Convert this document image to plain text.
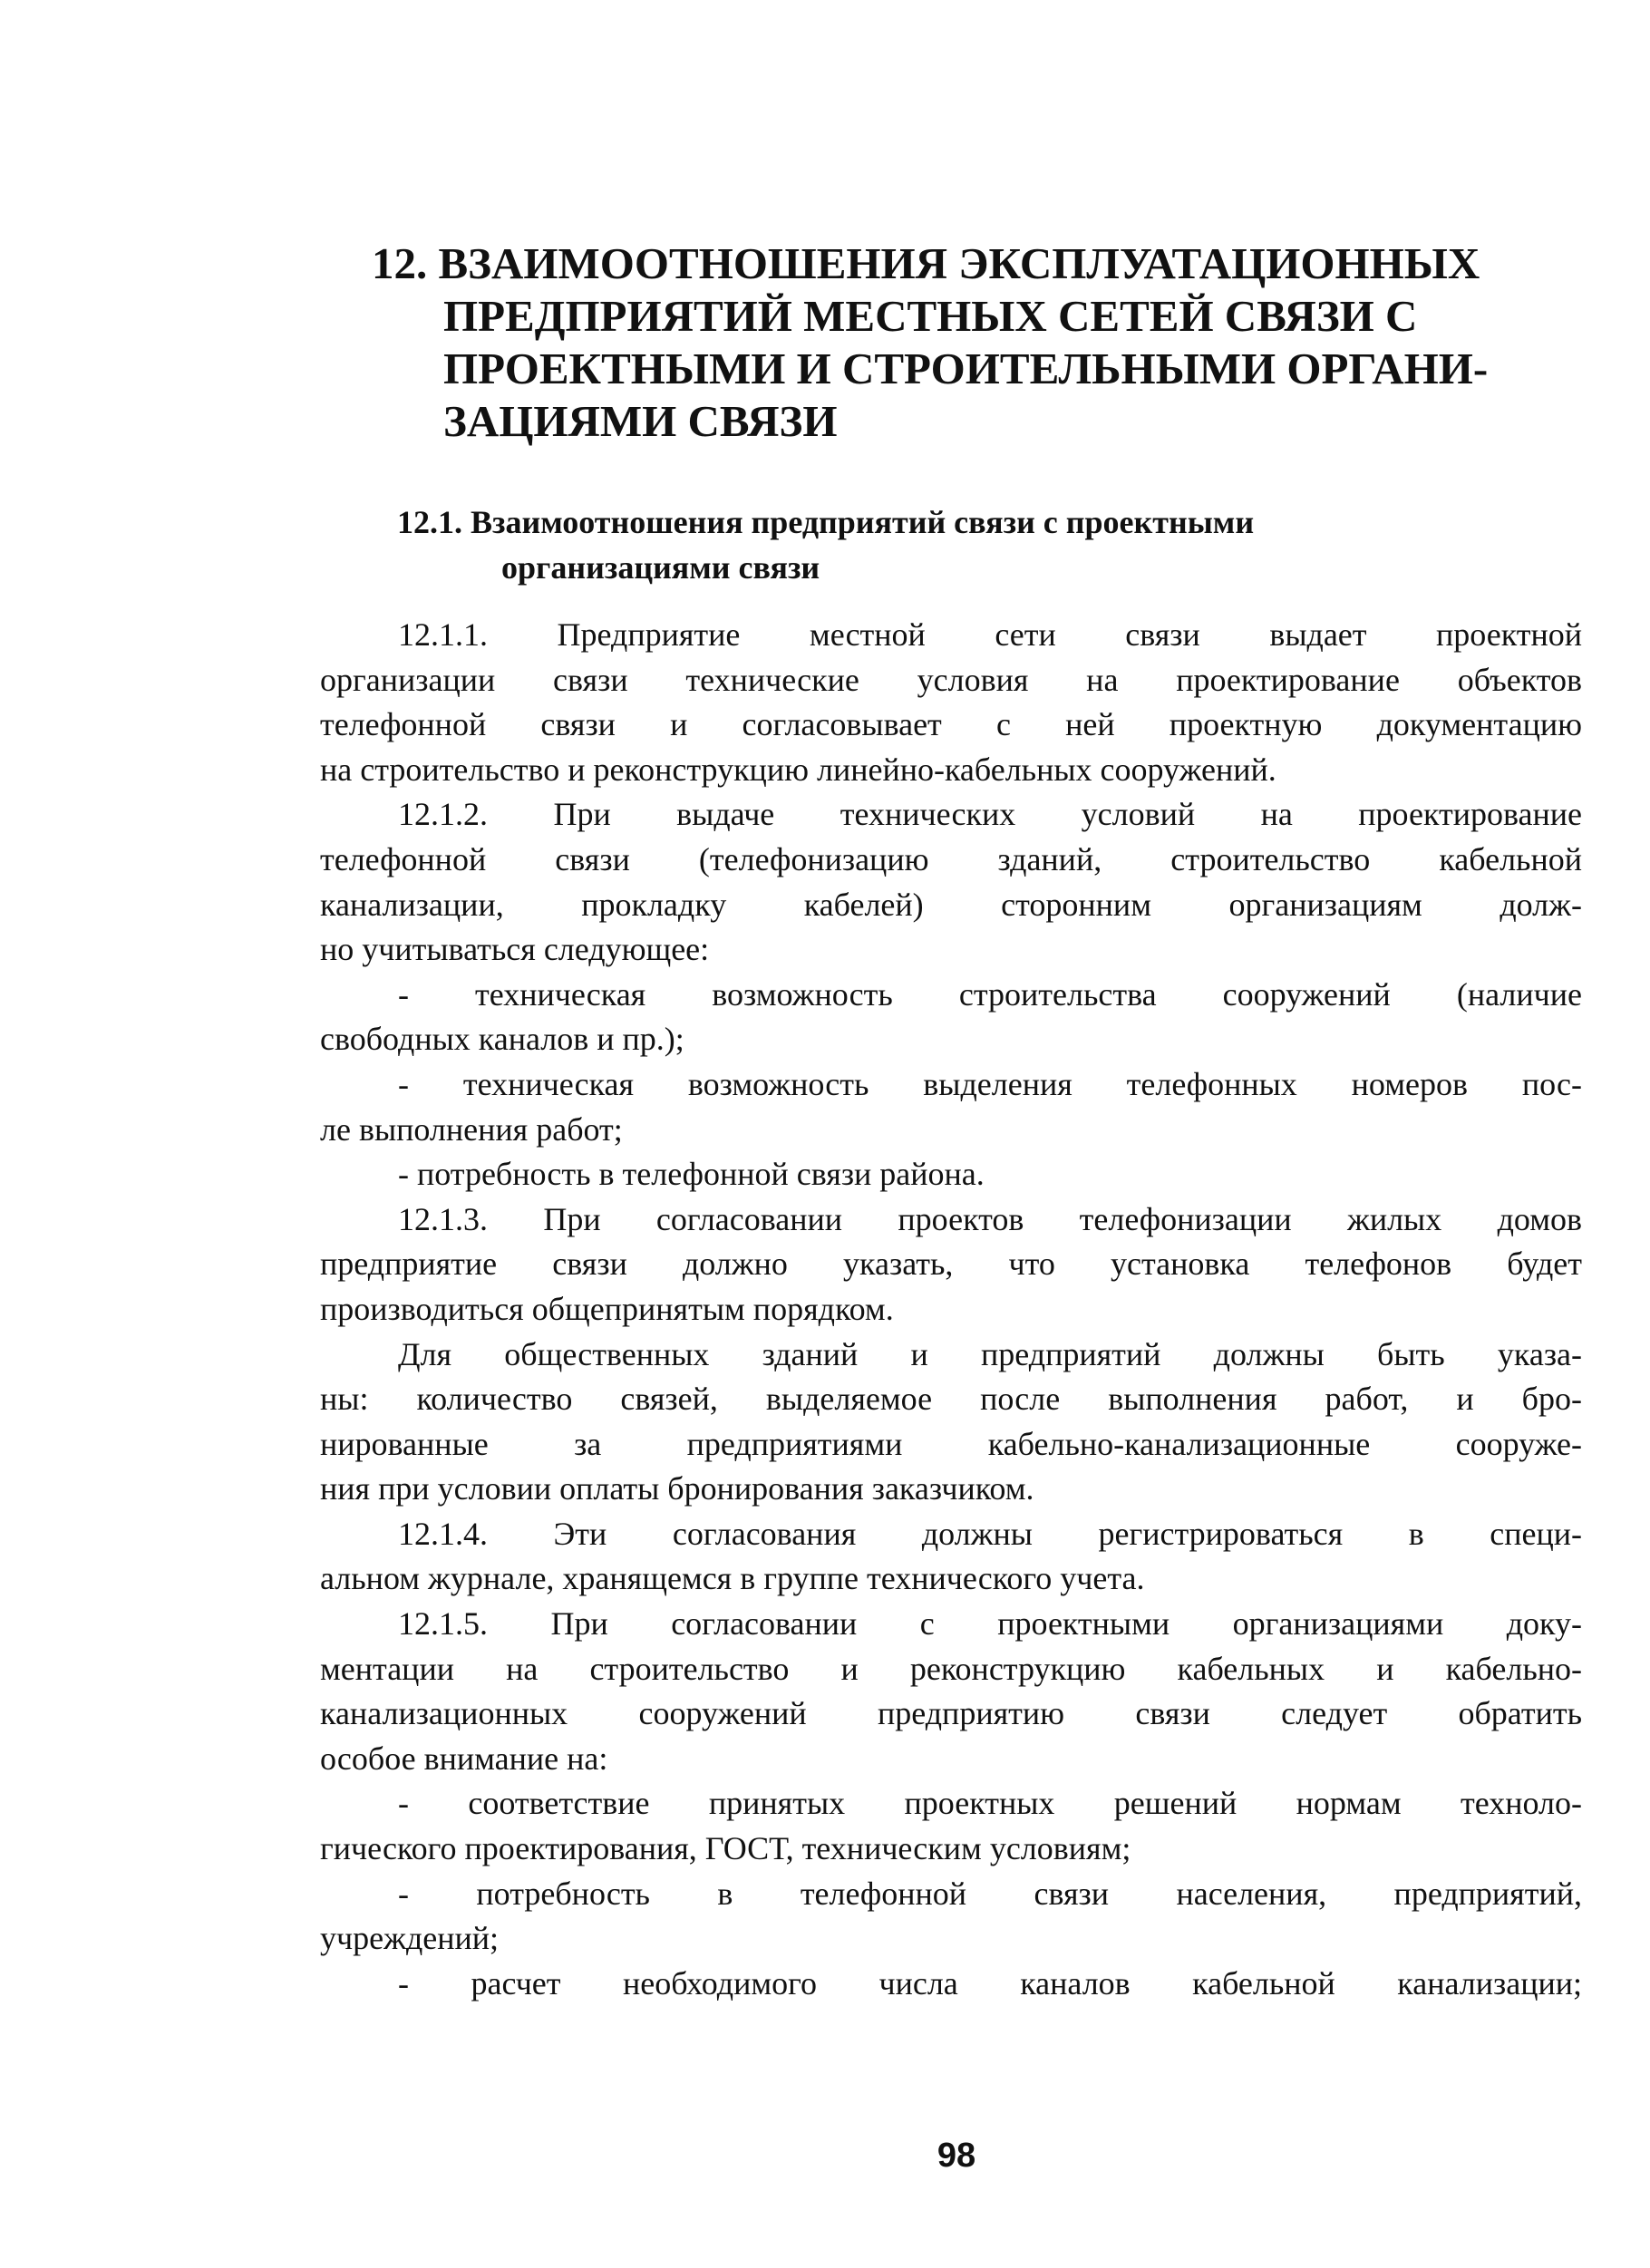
12. ВЗАИМООТНОШЕНИЯ ЭКСПЛУАТАЦИОННЫХ
ПРЕДПРИЯТИЙ МЕСТНЫХ СЕТЕЙ СВЯЗИ С
ПРОЕКТНЫМИ И СТРОИТЕЛЬНЫМИ ОРГАНИ-
ЗАЦИЯМИ СВЯЗИ
12.1. Взаимоотношения предприятий связи с проектными
организациями связи
12.1.1. Предприятие местной сети связи выдает проектной
организации связи технические условия на проектирование объектов
телефонной связи и согласовывает с ней проектную документацию
на строительство и реконструкцию линейно-кабельных сооружений.
12.1.2. При выдаче технических условий на проектирование
телефонной связи (телефонизацию зданий, строительство кабельной
канализации, прокладку кабелей) сторонним организациям долж-
но учитываться следующее:
- техническая возможность строительства сооружений (наличие
свободных каналов и пр.);
- техническая возможность выделения телефонных номеров пос-
ле выполнения работ;
- потребность в телефонной связи района.
12.1.3. При согласовании проектов телефонизации жилых домов
предприятие связи должно указать, что установка телефонов будет
производиться общепринятым порядком.
Для общественных зданий и предприятий должны быть указа-
ны: количество связей, выделяемое после выполнения работ, и бро-
нированные за предприятиями кабельно-канализационные сооруже-
ния при условии оплаты бронирования заказчиком.
12.1.4. Эти согласования должны регистрироваться в специ-
альном журнале, хранящемся в группе технического учета.
12.1.5. При согласовании с проектными организациями доку-
ментации на строительство и реконструкцию кабельных и кабельно-
канализационных сооружений предприятию связи следует обратить
особое внимание на:
- соответствие принятых проектных решений нормам техноло-
гического проектирования, ГОСТ, техническим условиям;
- потребность в телефонной связи населения, предприятий,
учреждений;
- расчет необходимого числа каналов кабельной канализации;
98
